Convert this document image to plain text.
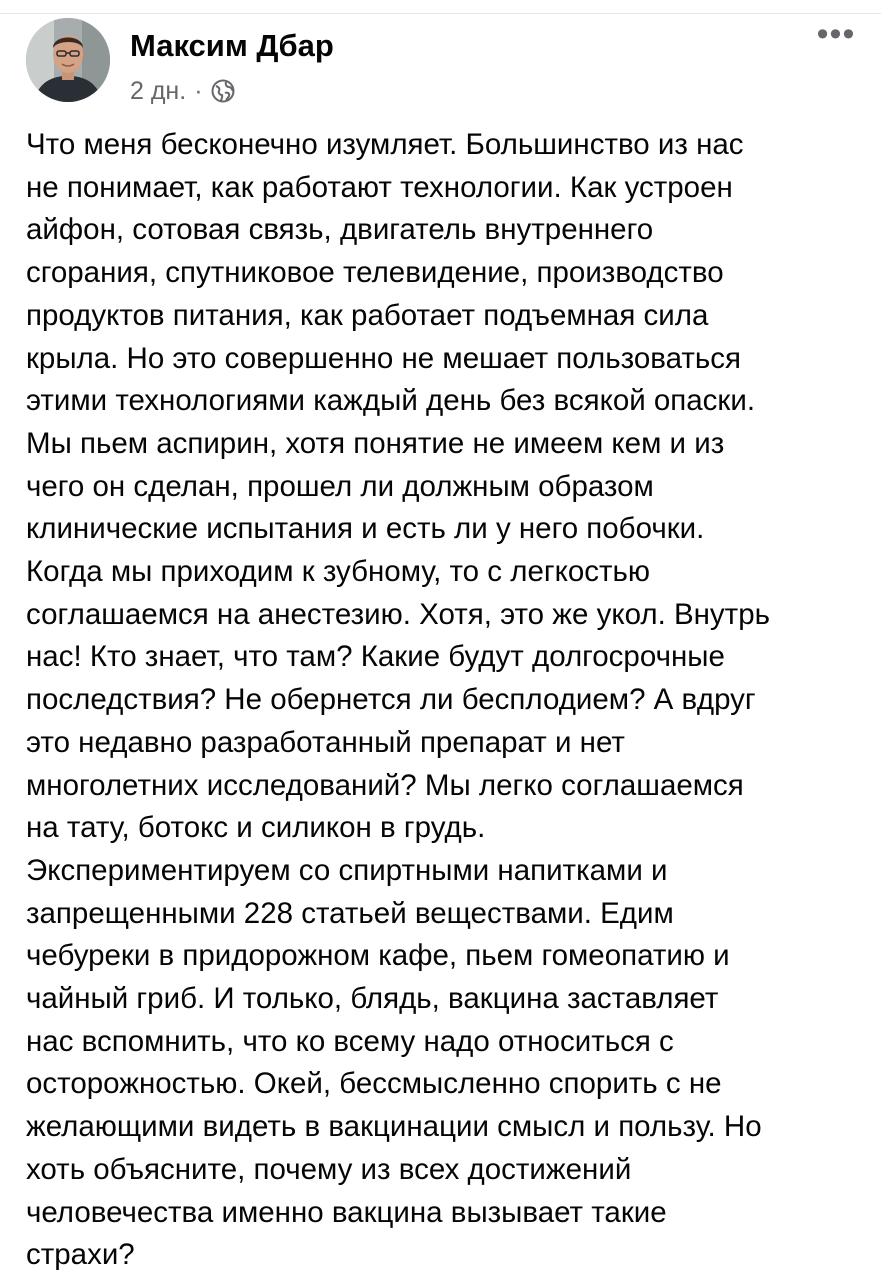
Максим Дбар
2 дн. ·
•••
Что меня бесконечно изумляет. Большинство из нас
не понимает, как работают технологии. Как устроен
айфон, сотовая связь, двигатель внутреннего
сгорания, спутниковое телевидение, производство
продуктов питания, как работает подъемная сила
крыла. Но это совершенно не мешает пользоваться
этими технологиями каждый день без всякой опаски.
Мы пьем аспирин, хотя понятие не имеем кем и из
чего он сделан, прошел ли должным образом
клинические испытания и есть ли у него побочки.
Когда мы приходим к зубному, то с легкостью
соглашаемся на анестезию. Хотя, это же укол. Внутрь
нас! Кто знает, что там? Какие будут долгосрочные
последствия? Не обернется ли бесплодием? А вдруг
это недавно разработанный препарат и нет
многолетних исследований? Мы легко соглашаемся
на тату, ботокс и силикон в грудь.
Экспериментируем со спиртными напитками и
запрещенными 228 статьей веществами. Едим
чебуреки в придорожном кафе, пьем гомеопатию и
чайный гриб. И только, блядь, вакцина заставляет
нас вспомнить, что ко всему надо относиться с
осторожностью. Окей, бессмысленно спорить с не
желающими видеть в вакцинации смысл и пользу. Но
хоть объясните, почему из всех достижений
человечества именно вакцина вызывает такие
страхи?
